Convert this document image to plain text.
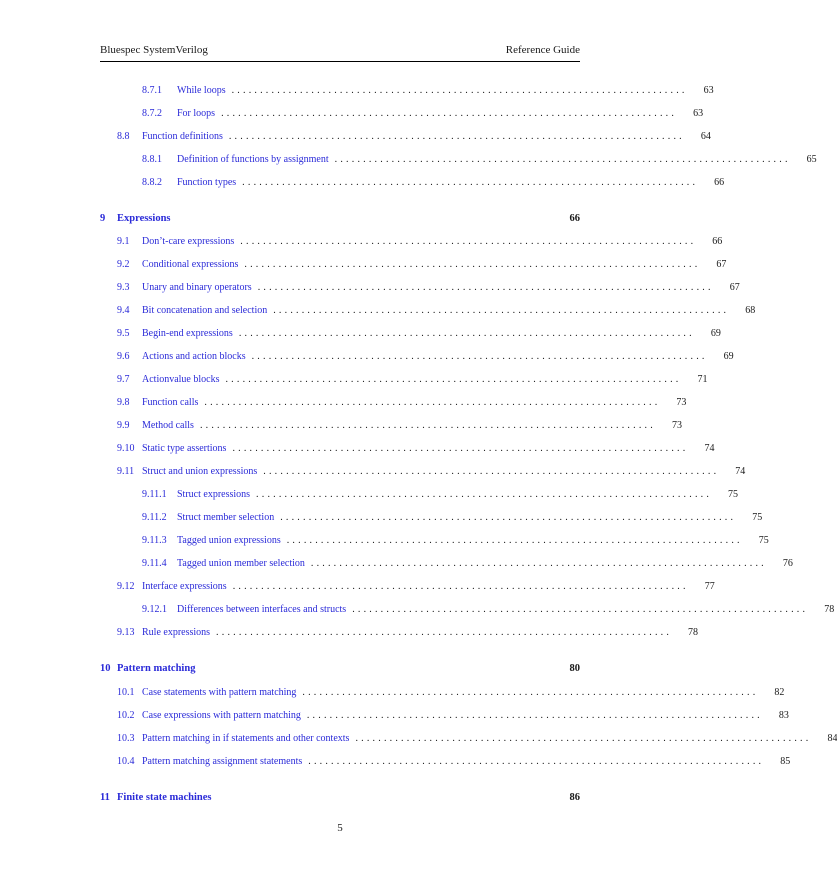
Bluespec SystemVerilog	Reference Guide
8.7.1	While loops ................................................................................	63
8.7.2	For loops ................................................................................	63
8.8	Function definitions ................................................................................	64
8.8.1	Definition of functions by assignment ................................................................................	65
8.8.2	Function types ................................................................................	66
9	Expressions	66
9.1	Don’t-care expressions ................................................................................	66
9.2	Conditional expressions ................................................................................	67
9.3	Unary and binary operators ................................................................................	67
9.4	Bit concatenation and selection ................................................................................	68
9.5	Begin-end expressions ................................................................................	69
9.6	Actions and action blocks ................................................................................	69
9.7	Actionvalue blocks ................................................................................	71
9.8	Function calls ................................................................................	73
9.9	Method calls ................................................................................	73
9.10 Static type assertions ................................................................................	74
9.11 Struct and union expressions ................................................................................	74
9.11.1	Struct expressions ................................................................................	75
9.11.2	Struct member selection ................................................................................	75
9.11.3	Tagged union expressions ................................................................................	75
9.11.4	Tagged union member selection ................................................................................	76
9.12 Interface expressions ................................................................................	77
9.12.1	Differences between interfaces and structs ................................................................................	78
9.13 Rule expressions ................................................................................	78
10 Pattern matching	80
10.1 Case statements with pattern matching ................................................................................	82
10.2 Case expressions with pattern matching ................................................................................	83
10.3 Pattern matching in if statements and other contexts ................................................................................	84
10.4 Pattern matching assignment statements ................................................................................	85
11 Finite state machines	86
5
